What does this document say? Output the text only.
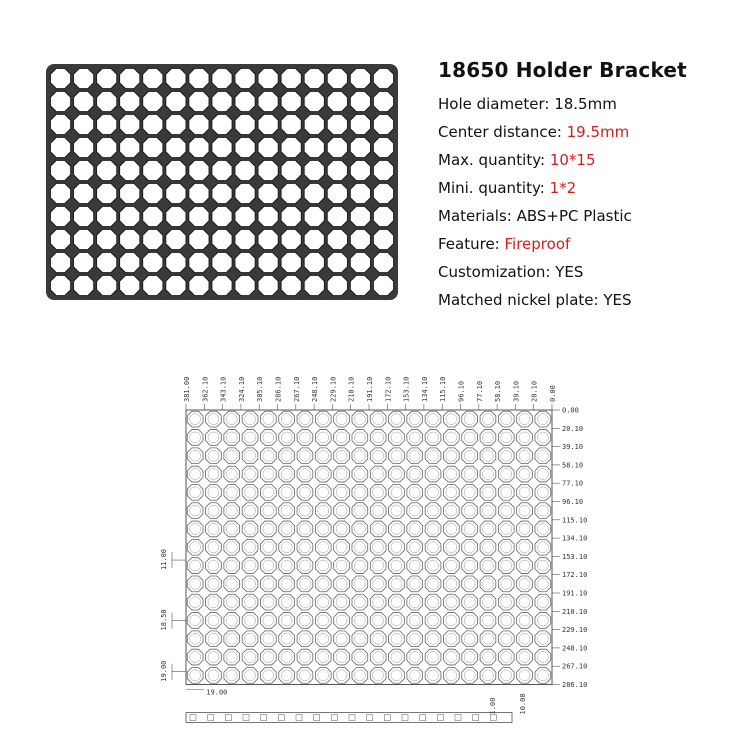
18650 Holder Bracket
Hole diameter: 18.5mm
Center distance: 19.5mm
Max. quantity: 10*15
Mini. quantity: 1*2
Materials: ABS+PC Plastic
Feature: Fireproof
Customization: YES
Matched nickel plate: YES
381.00 362.10 343.10 324.10 305.10 286.10 267.10 248.10 229.10 210.10 191.10 172.10 153.10 134.10 115.10 96.10 77.10 58.10 39.10 20.10 0.00
0.00
20.10
39.10
58.10
77.10
96.10
115.10
134.10
153.10
172.10
191.10
210.10
229.10
248.10
267.10
286.10
11.00
18.50
19.00
19.00
1.00	10.00
